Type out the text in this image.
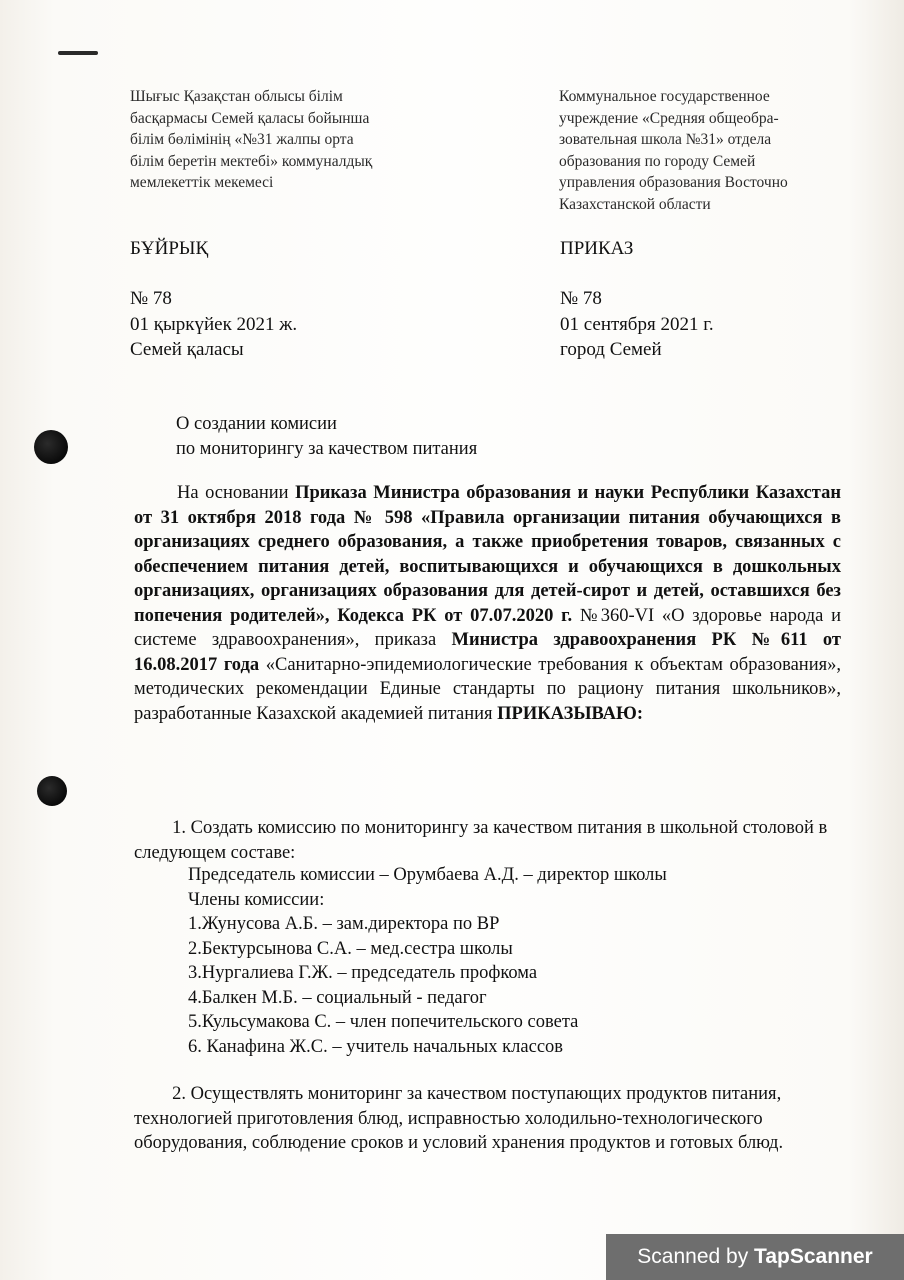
Шығыс Қазақстан облысы білім
басқармасы Семей қаласы бойынша
білім бөлімінің «№31 жалпы орта
білім беретін мектебі» коммуналдық
мемлекеттік мекемесі
Коммунальное государственное
учреждение «Средняя общеобра-
зовательная школа №31» отдела
образования по городу Семей
управления образования Восточно
Казахстанской области
БҰЙРЫҚ	ПРИКАЗ
№ 78	№ 78
01 қыркүйек 2021 ж.	01 сентября 2021 г.
Семей қаласы	город Семей
О создании комисии
по мониторингу за качеством питания
На основании Приказа Министра образования и науки Республики Казахстан от 31 октября 2018 года № 598 «Правила организации питания обучающихся в организациях среднего образования, а также приобретения товаров, связанных с обеспечением питания детей, воспитывающихся и обучающихся в дошкольных организациях, организациях образования для детей-сирот и детей, оставшихся без попечения родителей», Кодекса РК от 07.07.2020 г. №360-VI «О здоровье народа и системе здравоохранения», приказа Министра здравоохранения РК №611 от 16.08.2017 года «Санитарно-эпидемиологические требования к объектам образования», методических рекомендации Единые стандарты по рациону питания школьников», разработанные Казахской академией питания ПРИКАЗЫВАЮ:
1. Создать комиссию по мониторингу за качеством питания в школьной столовой в следующем составе:
Председатель комиссии – Орумбаева А.Д. – директор школы
Члены комиссии:
1.Жунусова А.Б. – зам.директора по ВР
2.Бектурсынова С.А. – мед.сестра школы
3.Нургалиева Г.Ж. – председатель профкома
4.Балкен М.Б. – социальный - педагог
5.Кульсумакова С. – член попечительского совета
6. Канафина Ж.С. – учитель начальных классов
2. Осуществлять мониторинг за качеством поступающих продуктов питания, технологией приготовления блюд, исправностью холодильно-технологического оборудования, соблюдение сроков и условий хранения продуктов и готовых блюд.
Scanned by TapScanner
